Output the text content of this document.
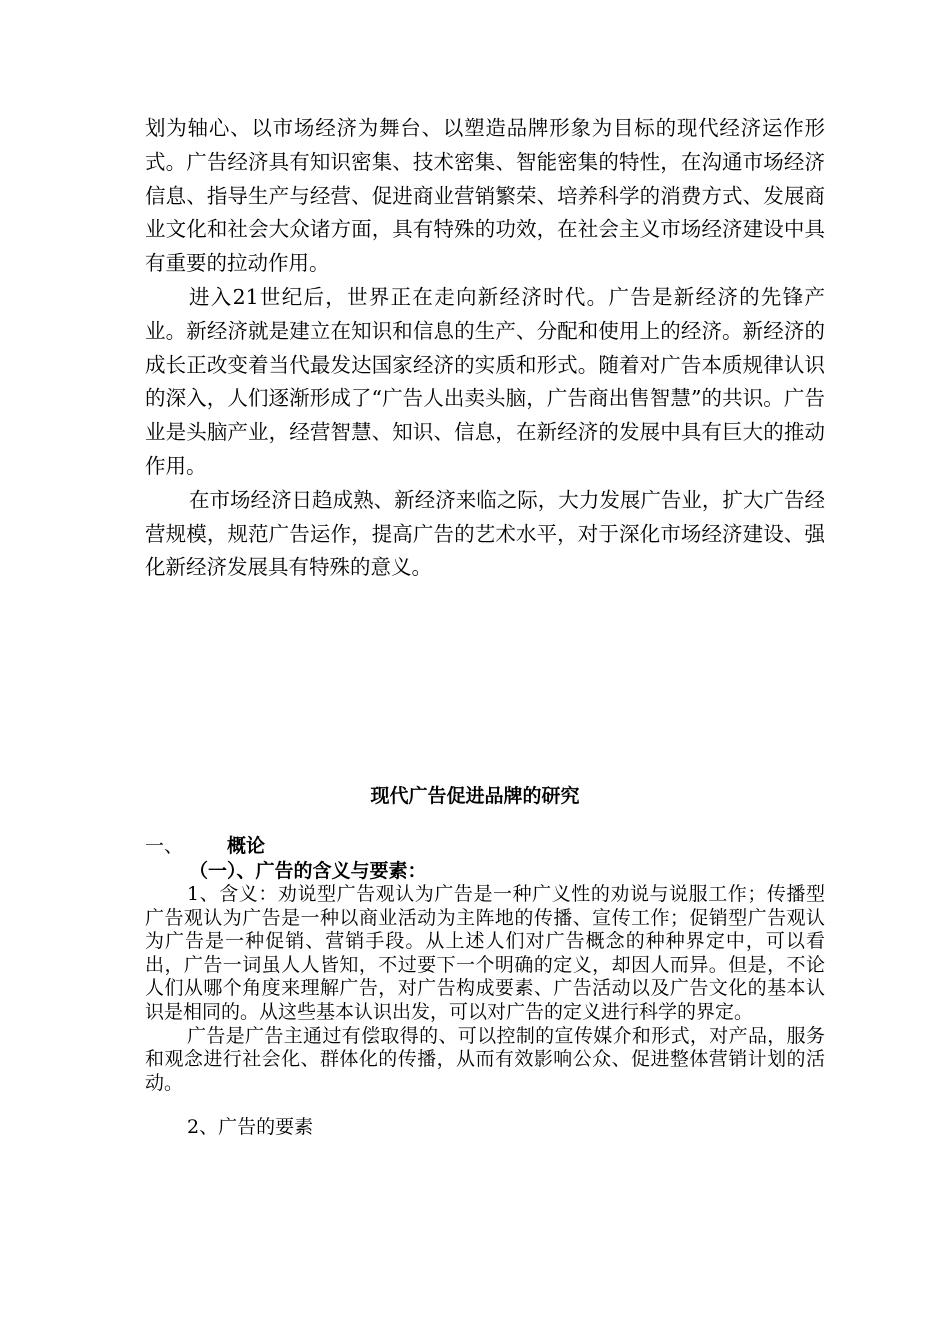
划为轴心、以市场经济为舞台、以塑造品牌形象为目标的现代经济运作形式。广告经济具有知识密集、技术密集、智能密集的特性，在沟通市场经济信息、指导生产与经营、促进商业营销繁荣、培养科学的消费方式、发展商业文化和社会大众诸方面，具有特殊的功效，在社会主义市场经济建设中具有重要的拉动作用。

进入21世纪后，世界正在走向新经济时代。广告是新经济的先锋产业。新经济就是建立在知识和信息的生产、分配和使用上的经济。新经济的成长正改变着当代最发达国家经济的实质和形式。随着对广告本质规律认识的深入，人们逐渐形成了“广告人出卖头脑，广告商出售智慧”的共识。广告业是头脑产业，经营智慧、知识、信息，在新经济的发展中具有巨大的推动作用。

在市场经济日趋成熟、新经济来临之际，大力发展广告业，扩大广告经营规模，规范广告运作，提高广告的艺术水平，对于深化市场经济建设、强化新经济发展具有特殊的意义。

现代广告促进品牌的研究
一、 概论
（一）、广告的含义与要素：

1、含义：劝说型广告观认为广告是一种广义性的劝说与说服工作；传播型广告观认为广告是一种以商业活动为主阵地的传播、宣传工作；促销型广告观认为广告是一种促销、营销手段。从上述人们对广告概念的种种界定中，可以看出，广告一词虽人人皆知，不过要下一个明确的定义，却因人而异。但是，不论人们从哪个角度来理解广告，对广告构成要素、广告活动以及广告文化的基本认识是相同的。从这些基本认识出发，可以对广告的定义进行科学的界定。

广告是广告主通过有偿取得的、可以控制的宣传媒介和形式，对产品，服务和观念进行社会化、群体化的传播，从而有效影响公众、促进整体营销计划的活动。

2、广告的要素
